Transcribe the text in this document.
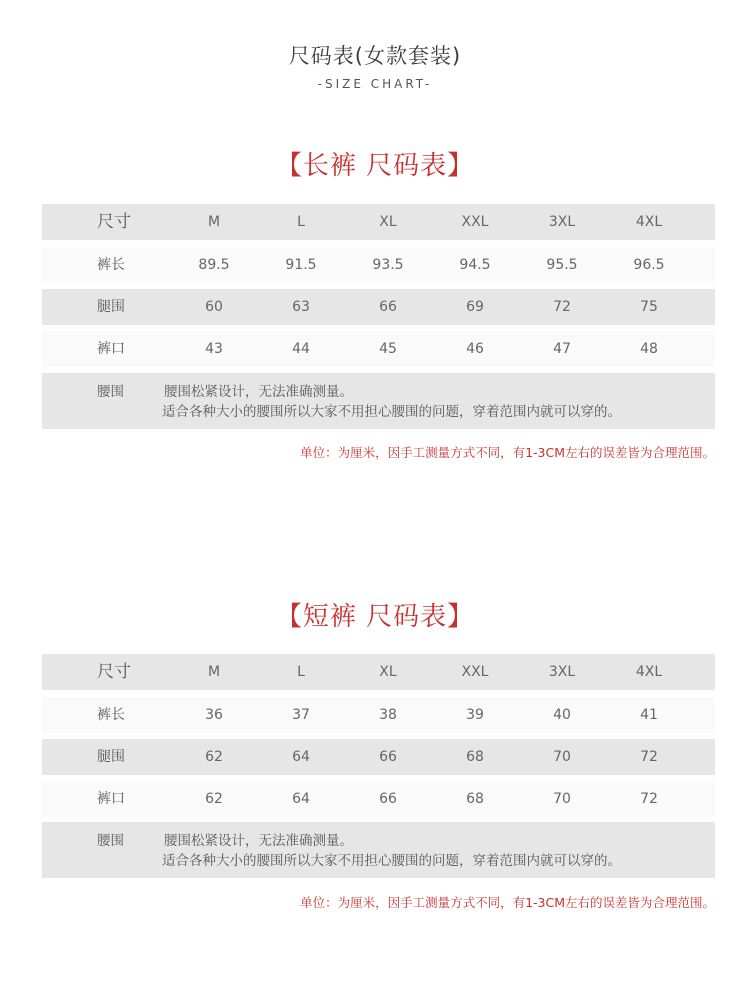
尺码表(女款套装)
-SIZE CHART-
【长裤 尺码表】
尺寸	M	L	XL	XXL	3XL	4XL
裤长	89.5	91.5	93.5	94.5	95.5	96.5
腿围	60	63	66	69	72	75
裤口	43	44	45	46	47	48
腰围	腰围松紧设计，无法准确测量。
适合各种大小的腰围所以大家不用担心腰围的问题，穿着范围内就可以穿的。
单位：为厘米，因手工测量方式不同，有1-3CM左右的误差皆为合理范围。
【短裤 尺码表】
尺寸	M	L	XL	XXL	3XL	4XL
裤长	36	37	38	39	40	41
腿围	62	64	66	68	70	72
裤口	62	64	66	68	70	72
腰围	腰围松紧设计，无法准确测量。
适合各种大小的腰围所以大家不用担心腰围的问题，穿着范围内就可以穿的。
单位：为厘米，因手工测量方式不同，有1-3CM左右的误差皆为合理范围。
